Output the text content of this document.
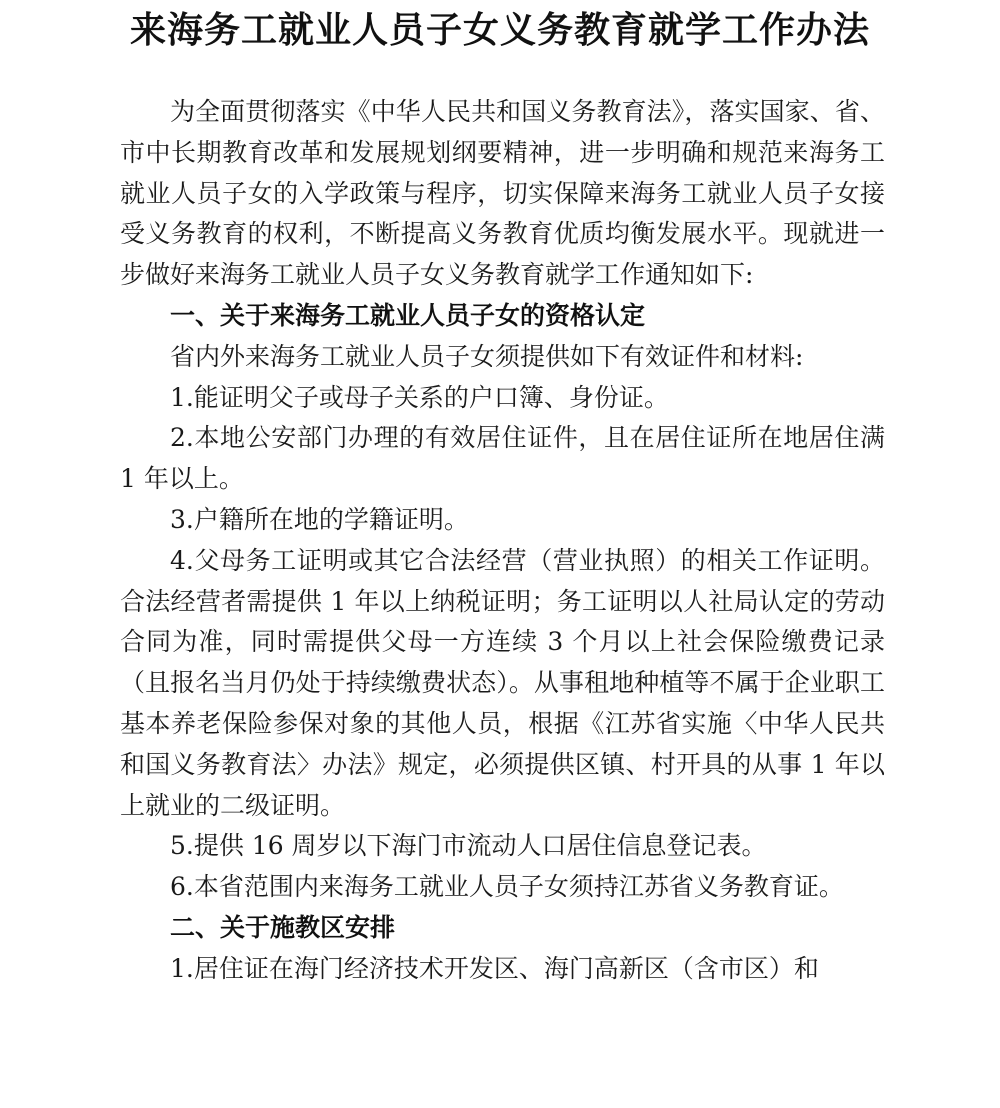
来海务工就业人员子女义务教育就学工作办法

为全面贯彻落实《中华人民共和国义务教育法》，落实国家、省、市中长期教育改革和发展规划纲要精神，进一步明确和规范来海务工就业人员子女的入学政策与程序，切实保障来海务工就业人员子女接受义务教育的权利，不断提高义务教育优质均衡发展水平。现就进一步做好来海务工就业人员子女义务教育就学工作通知如下:

一、关于来海务工就业人员子女的资格认定

省内外来海务工就业人员子女须提供如下有效证件和材料:

1.能证明父子或母子关系的户口簿、身份证。

2.本地公安部门办理的有效居住证件，且在居住证所在地居住满 1 年以上。

3.户籍所在地的学籍证明。

4.父母务工证明或其它合法经营（营业执照）的相关工作证明。合法经营者需提供 1 年以上纳税证明；务工证明以人社局认定的劳动合同为准，同时需提供父母一方连续 3 个月以上社会保险缴费记录（且报名当月仍处于持续缴费状态）。从事租地种植等不属于企业职工基本养老保险参保对象的其他人员，根据《江苏省实施〈中华人民共和国义务教育法〉办法》规定，必须提供区镇、村开具的从事 1 年以上就业的二级证明。

5.提供 16 周岁以下海门市流动人口居住信息登记表。

6.本省范围内来海务工就业人员子女须持江苏省义务教育证。

二、关于施教区安排

1.居住证在海门经济技术开发区、海门高新区（含市区）和
